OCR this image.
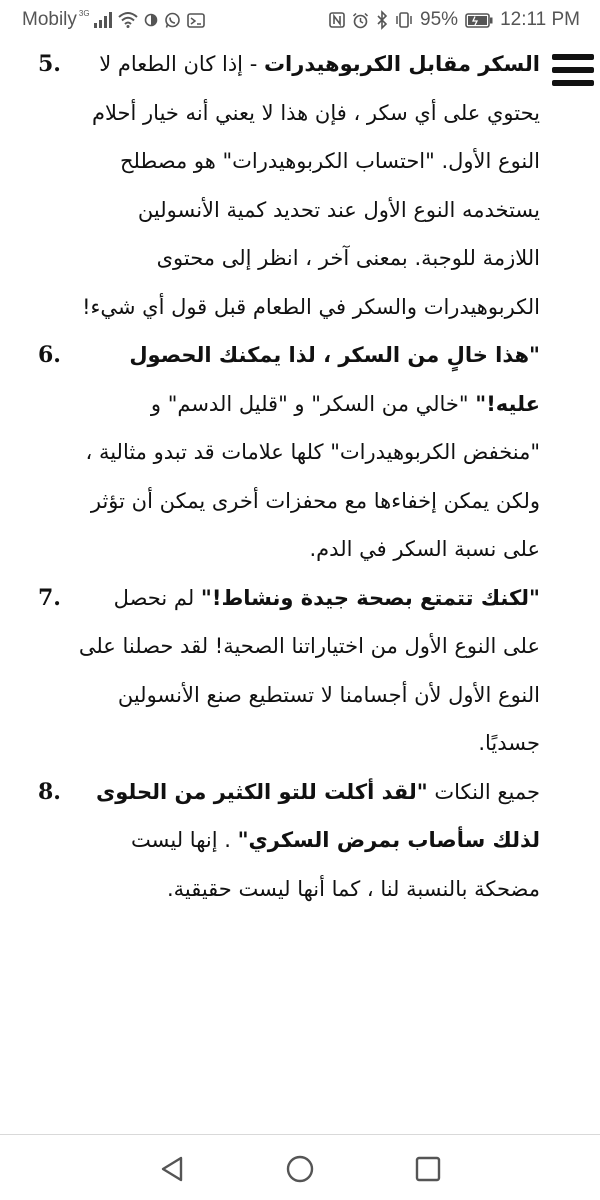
Mobily 3G	95% 12:11 PM
5.	السكر مقابل الكربوهيدرات - إذا كان الطعام لا يحتوي على أي سكر ، فإن هذا لا يعني أنه خيار أحلام النوع الأول. "احتساب الكربوهيدرات" هو مصطلح يستخدمه النوع الأول عند تحديد كمية الأنسولين اللازمة للوجبة. بمعنى آخر ، انظر إلى محتوى الكربوهيدرات والسكر في الطعام قبل قول أي شيء!

6.	"هذا خالٍ من السكر ، لذا يمكنك الحصول عليه!" "خالي من السكر" و "قليل الدسم" و "منخفض الكربوهيدرات" كلها علامات قد تبدو مثالية ، ولكن يمكن إخفاءها مع محفزات أخرى يمكن أن تؤثر على نسبة السكر في الدم.

7.	"لكنك تتمتع بصحة جيدة ونشاط!" لم نحصل على النوع الأول من اختياراتنا الصحية! لقد حصلنا على النوع الأول لأن أجسامنا لا تستطيع صنع الأنسولين جسديًا.

8.	جميع النكات "لقد أكلت للتو الكثير من الحلوى لذلك سأصاب بمرض السكري" . إنها ليست مضحكة بالنسبة لنا ، كما أنها ليست حقيقية.
